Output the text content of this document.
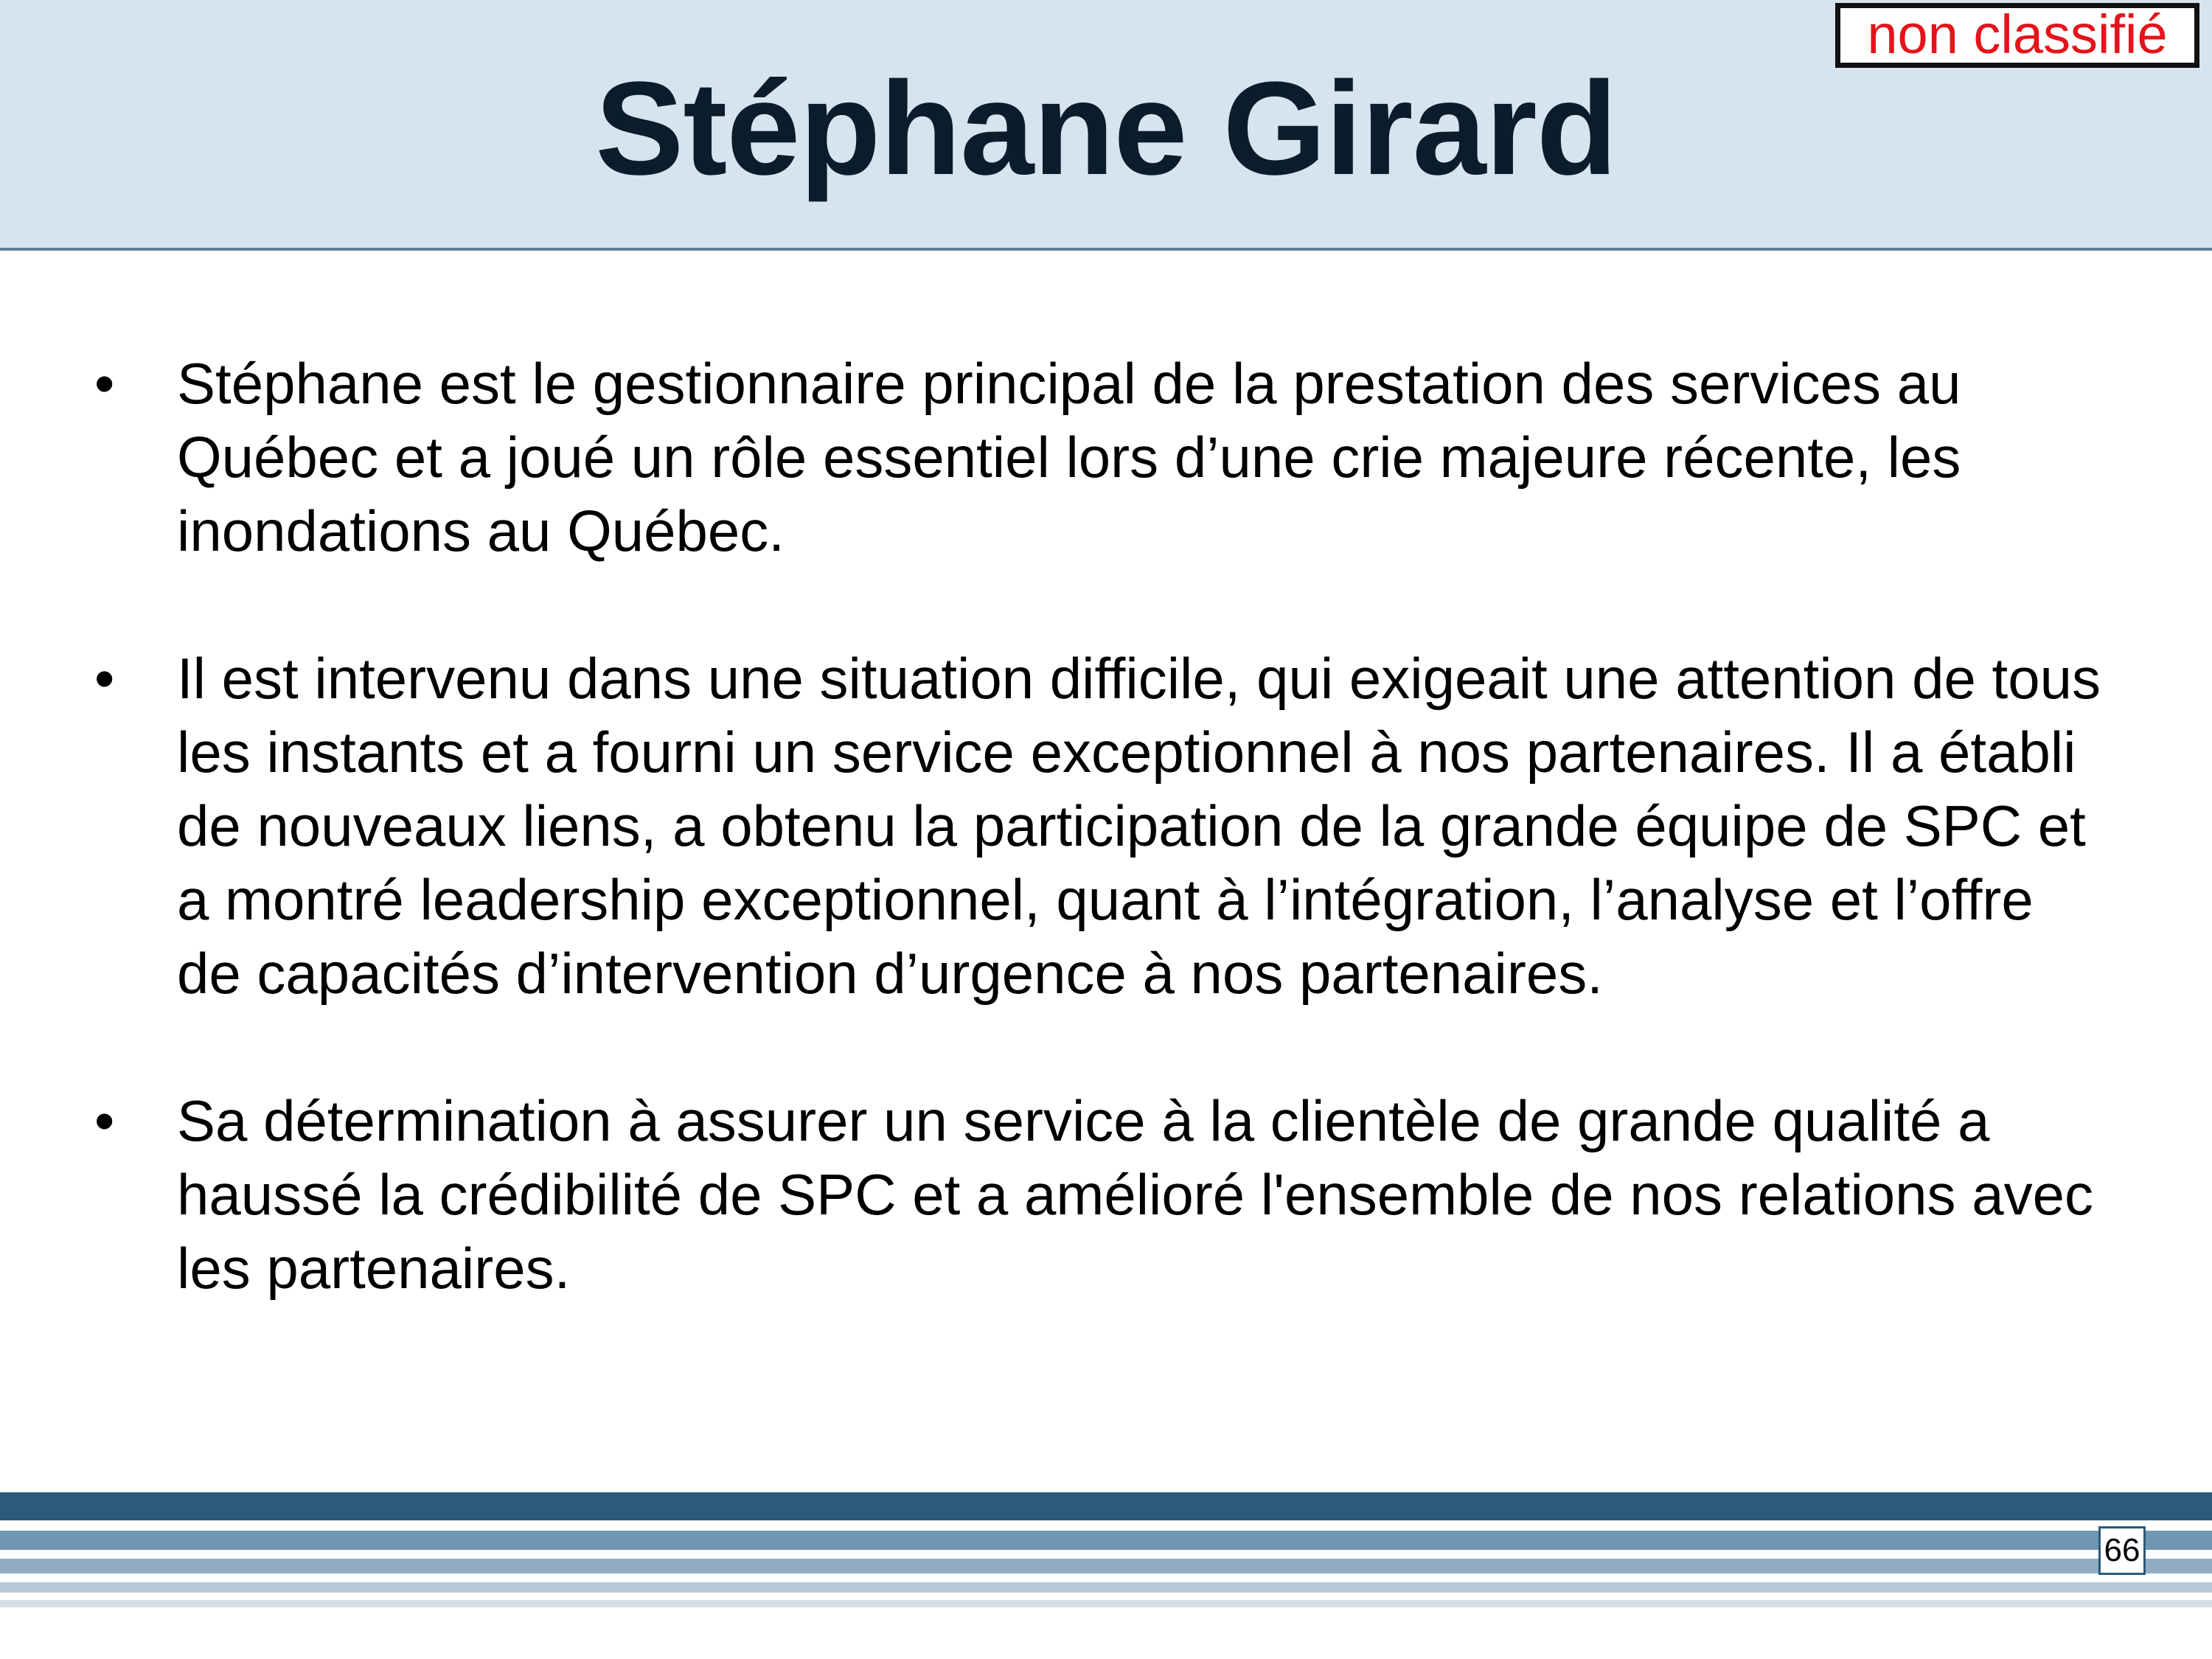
Stéphane Girard
non classifié
• Stéphane est le gestionnaire principal de la prestation des services au Québec et a joué un rôle essentiel lors d’une crie majeure récente, les inondations au Québec.
• Il est intervenu dans une situation difficile, qui exigeait une attention de tous les instants et a fourni un service exceptionnel à nos partenaires. Il a établi de nouveaux liens, a obtenu la participation de la grande équipe de SPC et a montré leadership exceptionnel, quant à l’intégration, l’analyse et l’offre de capacités d’intervention d’urgence à nos partenaires.
• Sa détermination à assurer un service à la clientèle de grande qualité a haussé la crédibilité de SPC et a amélioré l'ensemble de nos relations avec les partenaires.
66
